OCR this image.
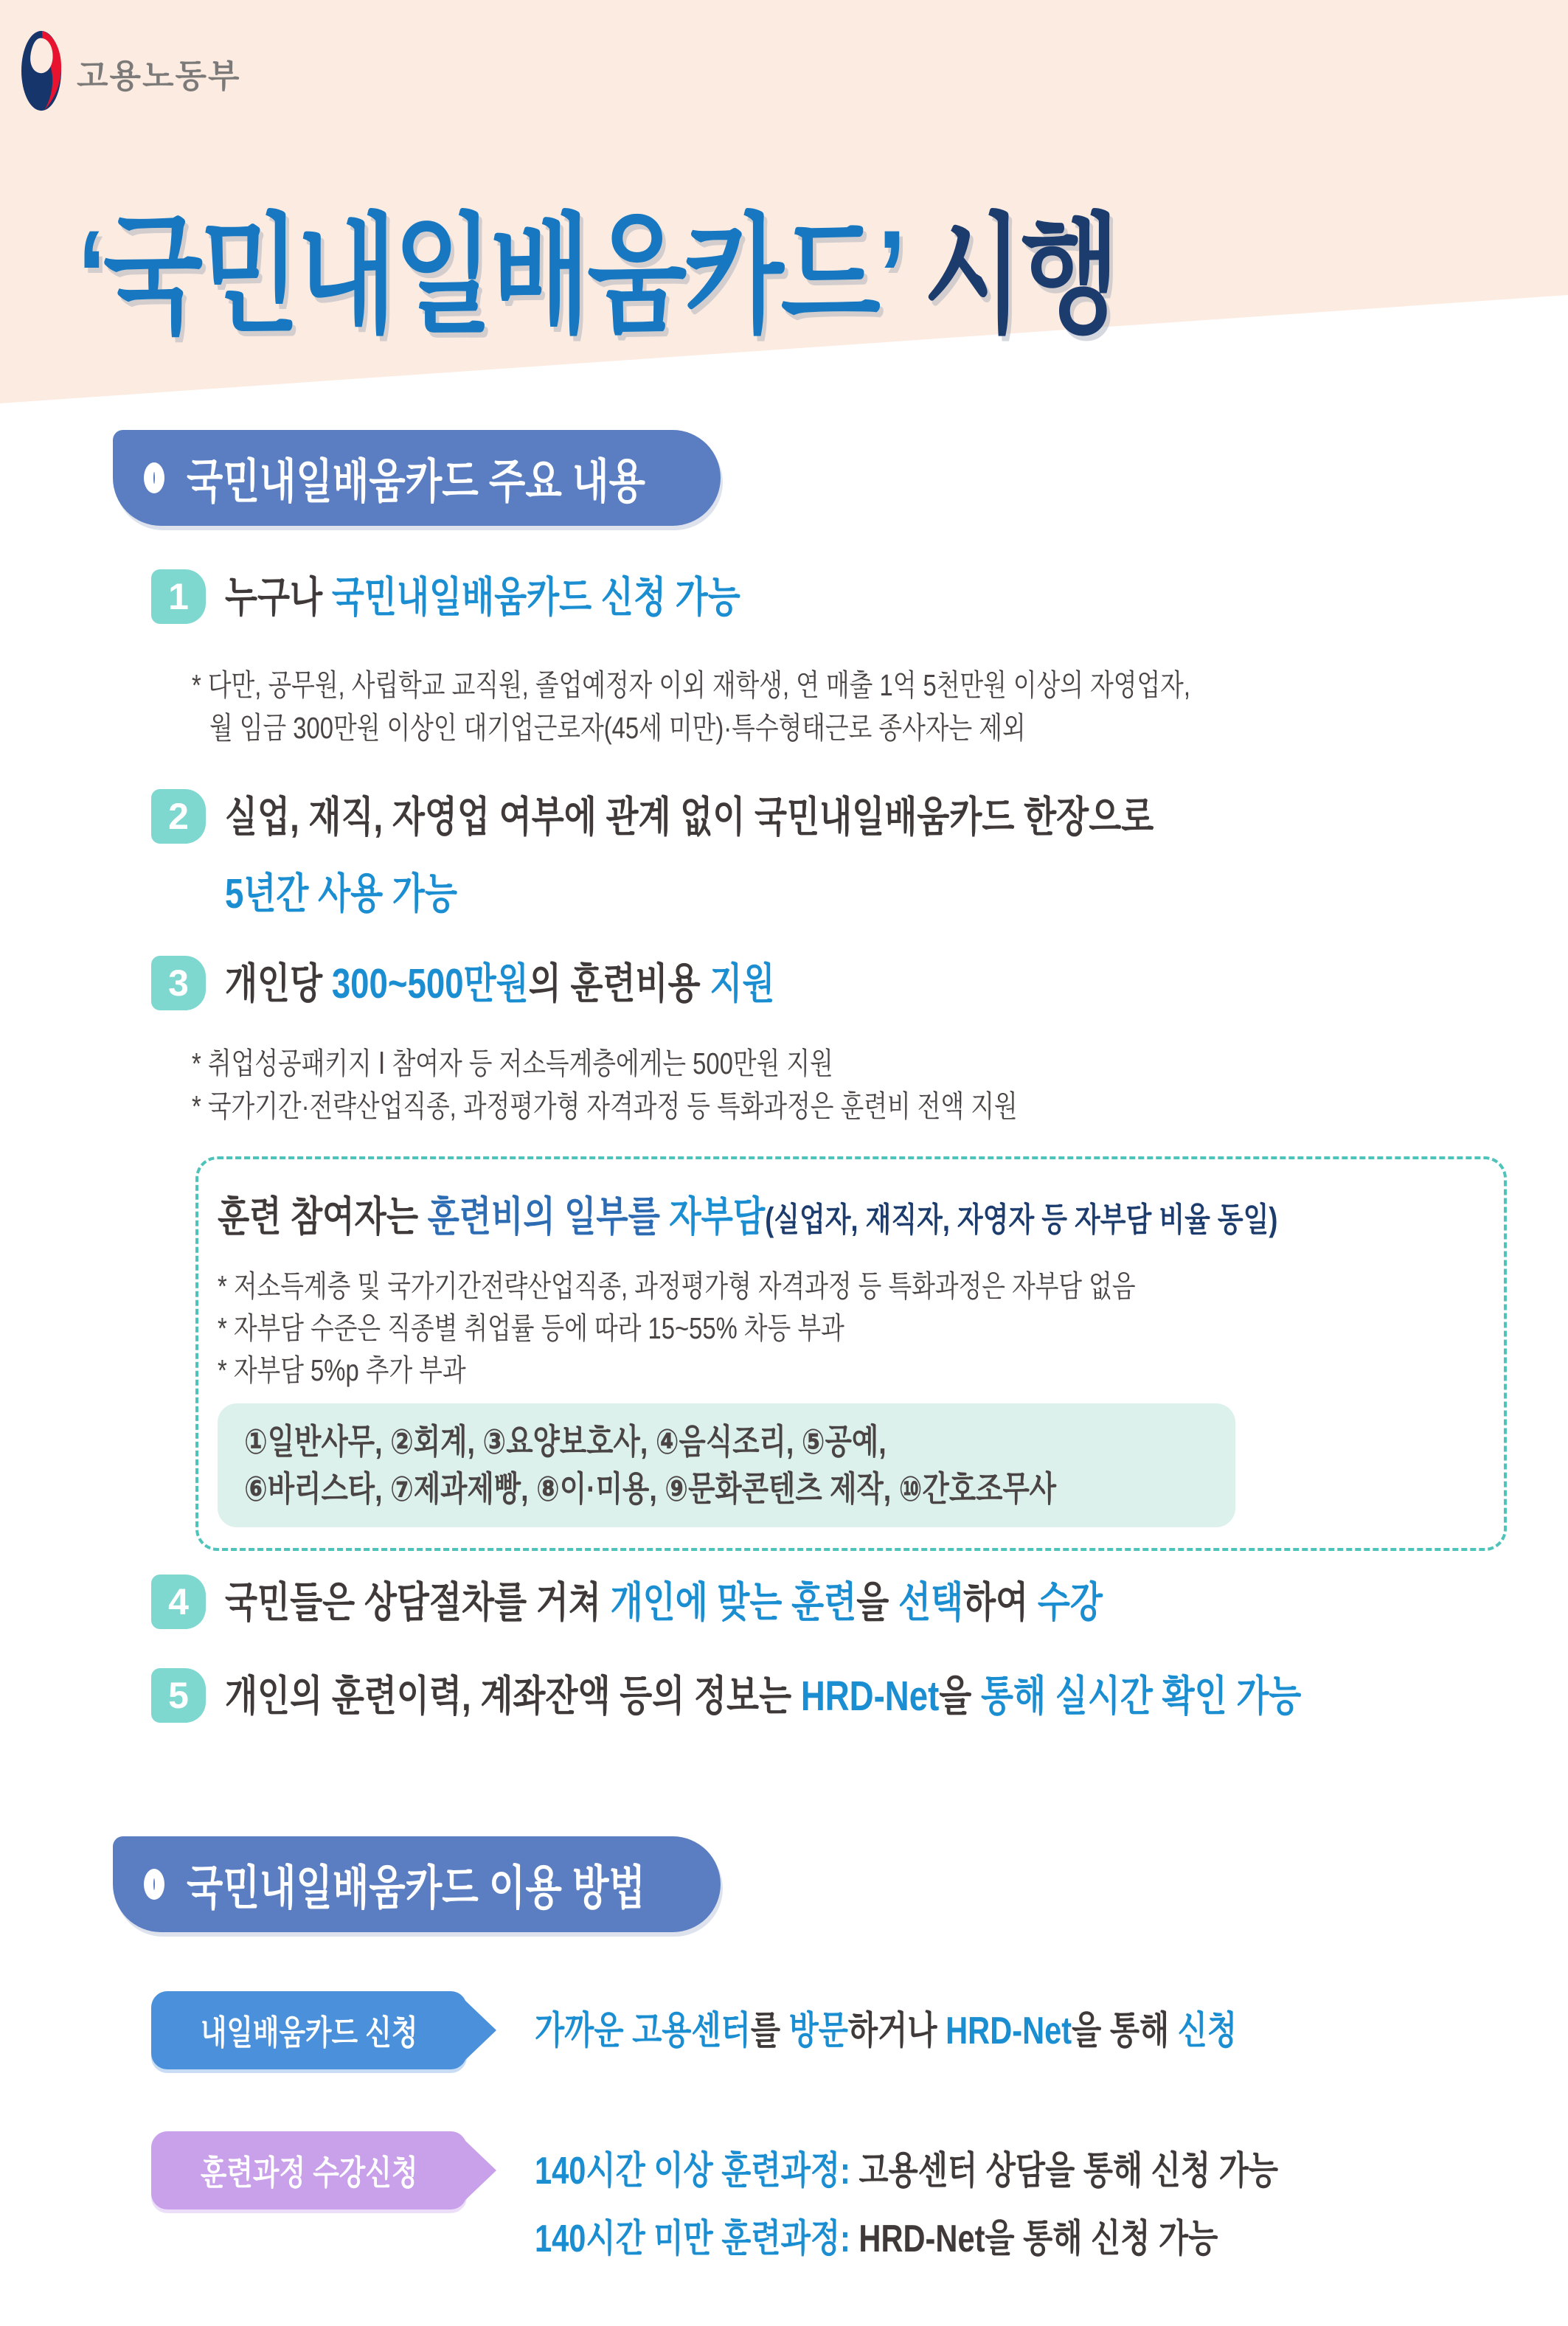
고용노동부
‘국민내일배움카드’ 시행
국민내일배움카드 주요 내용
1 누구나 국민내일배움카드 신청 가능
* 다만, 공무원, 사립학교 교직원, 졸업예정자 이외 재학생, 연 매출 1억 5천만원 이상의 자영업자,
월 임금 300만원 이상인 대기업근로자(45세 미만)·특수형태근로 종사자는 제외
2 실업, 재직, 자영업 여부에 관계 없이 국민내일배움카드 한장으로
5년간 사용 가능
3 개인당 300~500만원의 훈련비용 지원
* 취업성공패키지 Ⅰ 참여자 등 저소득계층에게는 500만원 지원
* 국가기간·전략산업직종, 과정평가형 자격과정 등 특화과정은 훈련비 전액 지원
훈련 참여자는 훈련비의 일부를 자부담(실업자, 재직자, 자영자 등 자부담 비율 동일)
* 저소득계층 및 국가기간전략산업직종, 과정평가형 자격과정 등 특화과정은 자부담 없음
* 자부담 수준은 직종별 취업률 등에 따라 15~55% 차등 부과
* 자부담 5%p 추가 부과
①일반사무, ②회계, ③요양보호사, ④음식조리, ⑤공예,
⑥바리스타, ⑦제과제빵, ⑧이·미용, ⑨문화콘텐츠 제작, ⑩간호조무사
4 국민들은 상담절차를 거쳐 개인에 맞는 훈련을 선택하여 수강
5 개인의 훈련이력, 계좌잔액 등의 정보는 HRD-Net을 통해 실시간 확인 가능
국민내일배움카드 이용 방법
내일배움카드 신청	가까운 고용센터를 방문하거나 HRD-Net을 통해 신청
훈련과정 수강신청	140시간 이상 훈련과정: 고용센터 상담을 통해 신청 가능
140시간 미만 훈련과정: HRD-Net을 통해 신청 가능
